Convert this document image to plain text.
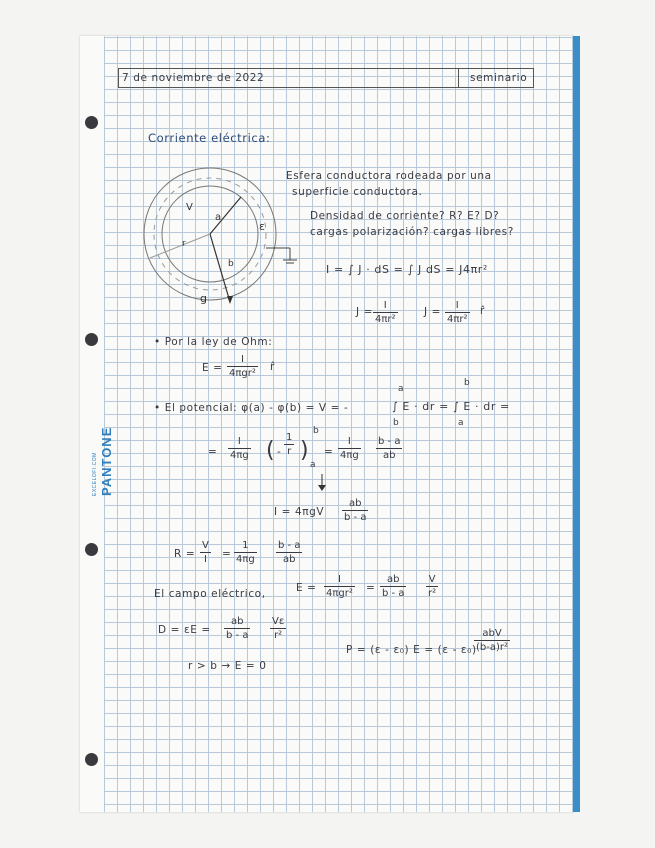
EXCELOFI.COM PANTONE
7 de noviembre de 2022	seminario
Corriente eléctrica:
V
a
ε
r
b
g
Esfera conductora rodeada por una
superficie conductora.
Densidad de corriente? R? E? D?
cargas polarización? cargas libres?
I = ∫ J · dS = ∫ J dS = J4πr²
J =
I
4πr²
J =
I
4πr²
r̂
• Por la ley de Ohm:
E =
I
4πgr²
r̂
• El potencial: φ(a) - φ(b) = V = -
a
b
∫ E · dr = ∫ E · dr =
b
a
=
I
4πg ( -
1
r )
b
a
=
I
4πg
b - a
ab
I = 4πgV
ab
b - a
R =
V
I	=
1
4πg
b - a
ab
El campo eléctrico,	E =
I
4πgr² =
ab
b - a
V
r²
D = εE =
ab
b - a
Vε
r²
P = (ε - ε₀) E = (ε - ε₀)
abV
(b-a)r²
r > b → E = 0
